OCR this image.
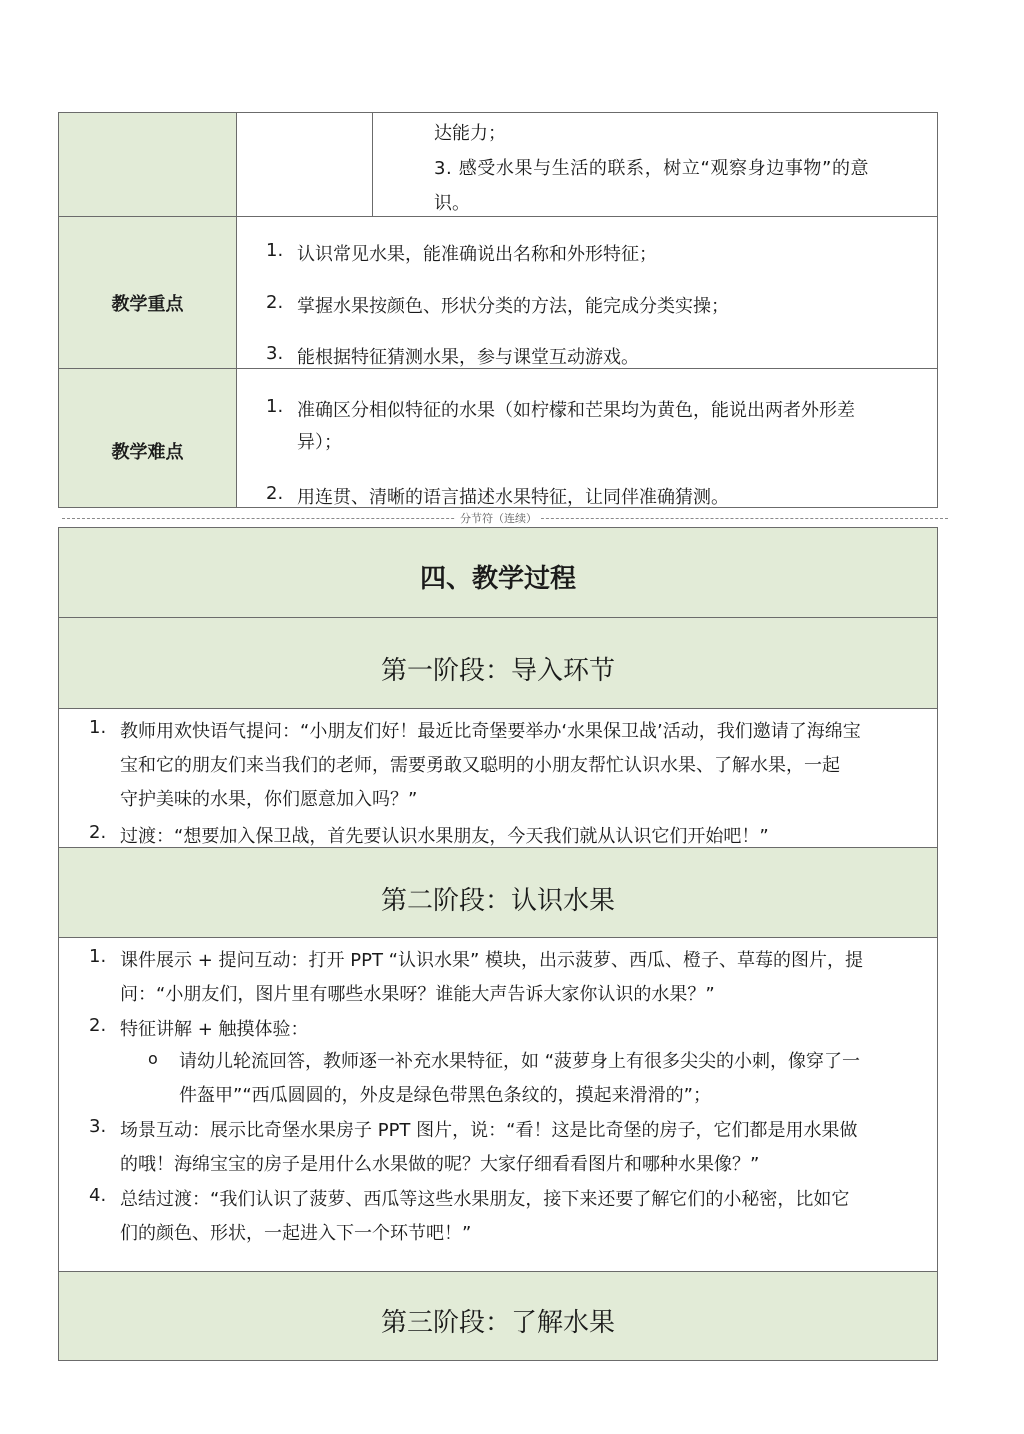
达能力；
3. 感受水果与生活的联系，树立“观察身边事物”的意
识。
教学重点
1. 认识常见水果，能准确说出名称和外形特征；
2. 掌握水果按颜色、形状分类的方法，能完成分类实操；
3. 能根据特征猜测水果，参与课堂互动游戏。
教学难点
1. 准确区分相似特征的水果（如柠檬和芒果均为黄色，能说出两者外形差
异）；
2. 用连贯、清晰的语言描述水果特征，让同伴准确猜测。
分节符（连续）
四、教学过程
第一阶段：导入环节
1. 教师用欢快语气提问：“小朋友们好！最近比奇堡要举办‘水果保卫战’活动，我们邀请了海绵宝
宝和它的朋友们来当我们的老师，需要勇敢又聪明的小朋友帮忙认识水果、了解水果，一起
守护美味的水果，你们愿意加入吗？”
2. 过渡：“想要加入保卫战，首先要认识水果朋友，今天我们就从认识它们开始吧！”
第二阶段：认识水果
1. 课件展示 + 提问互动：打开 PPT “认识水果” 模块，出示菠萝、西瓜、橙子、草莓的图片，提
问：“小朋友们，图片里有哪些水果呀？谁能大声告诉大家你认识的水果？”
2. 特征讲解 + 触摸体验：
o 请幼儿轮流回答，教师逐一补充水果特征，如 “菠萝身上有很多尖尖的小刺，像穿了一
件盔甲”“西瓜圆圆的，外皮是绿色带黑色条纹的，摸起来滑滑的”；
3. 场景互动：展示比奇堡水果房子 PPT 图片，说：“看！这是比奇堡的房子，它们都是用水果做
的哦！海绵宝宝的房子是用什么水果做的呢？大家仔细看看图片和哪种水果像？”
4. 总结过渡：“我们认识了菠萝、西瓜等这些水果朋友，接下来还要了解它们的小秘密，比如它
们的颜色、形状，一起进入下一个环节吧！”
第三阶段：了解水果
